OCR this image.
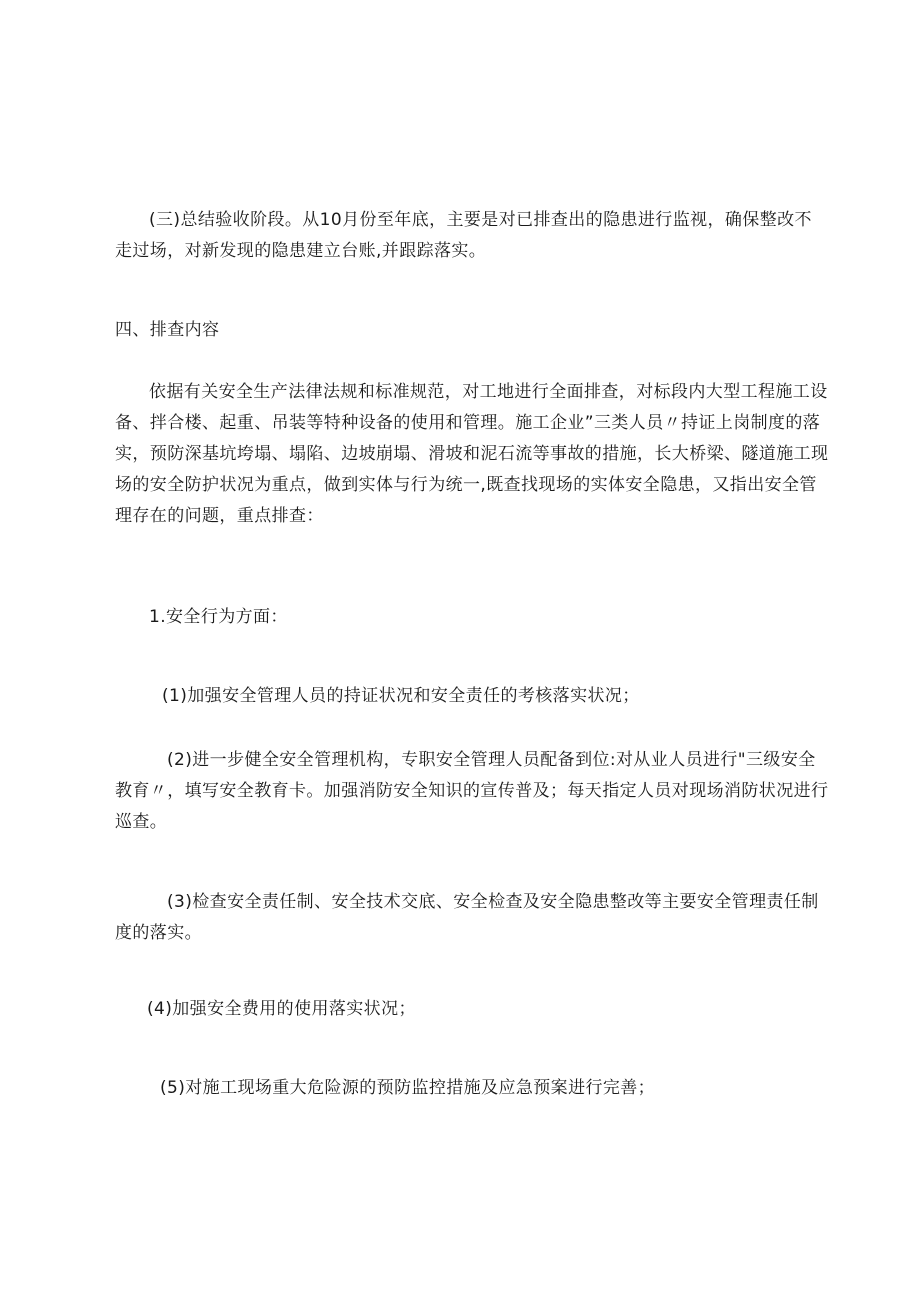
(三)总结验收阶段。从10月份至年底，主要是对已排查出的隐患进行监视，确保整改不
走过场，对新发现的隐患建立台账,并跟踪落实。

四、排查内容

依据有关安全生产法律法规和标准规范，对工地进行全面排查，对标段内大型工程施工设
备、拌合楼、起重、吊装等特种设备的使用和管理。施工企业”三类人员〃持证上岗制度的落
实，预防深基坑垮塌、塌陷、边坡崩塌、滑坡和泥石流等事故的措施，长大桥梁、隧道施工现
场的安全防护状况为重点，做到实体与行为统一,既查找现场的实体安全隐患，又指出安全管
理存在的问题，重点排查：

1.安全行为方面：

(1)加强安全管理人员的持证状况和安全责任的考核落实状况；

(2)进一步健全安全管理机构，专职安全管理人员配备到位:对从业人员进行"三级安全
教育〃，填写安全教育卡。加强消防安全知识的宣传普及；每天指定人员对现场消防状况进行
巡查。

(3)检查安全责任制、安全技术交底、安全检查及安全隐患整改等主要安全管理责任制
度的落实。

(4)加强安全费用的使用落实状况；

(5)对施工现场重大危险源的预防监控措施及应急预案进行完善；
